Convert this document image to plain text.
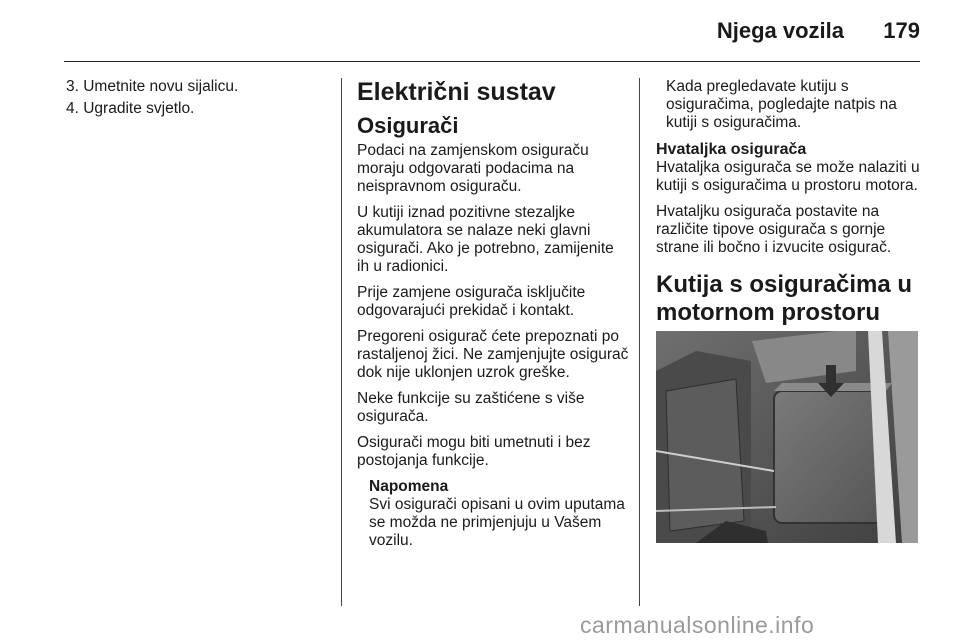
Njega vozila 179

3. Umetnite novu sijalicu.

4. Ugradite svjetlo.

Električni sustav
Osigurači

Podaci na zamjenskom osiguraču moraju odgovarati podacima na neispravnom osiguraču.

U kutiji iznad pozitivne stezaljke akumulatora se nalaze neki glavni osigurači. Ako je potrebno, zamijenite ih u radionici.

Prije zamjene osigurača isključite odgovarajući prekidač i kontakt.

Pregoreni osigurač ćete prepoznati po rastaljenoj žici. Ne zamjenjujte osigurač dok nije uklonjen uzrok greške.

Neke funkcije su zaštićene s više osigurača.

Osigurači mogu biti umetnuti i bez postojanja funkcije.

Napomena

Svi osigurači opisani u ovim uputama se možda ne primjenjuju u Vašem vozilu.

Kada pregledavate kutiju s osiguračima, pogledajte natpis na kutiji s osiguračima.

Hvataljka osigurača

Hvataljka osigurača se može nalaziti u kutiji s osiguračima u prostoru motora.

Hvataljku osigurača postavite na različite tipove osigurača s gornje strane ili bočno i izvucite osigurač.

Kutija s osiguračima u motornom prostoru
carmanualsonline.info
